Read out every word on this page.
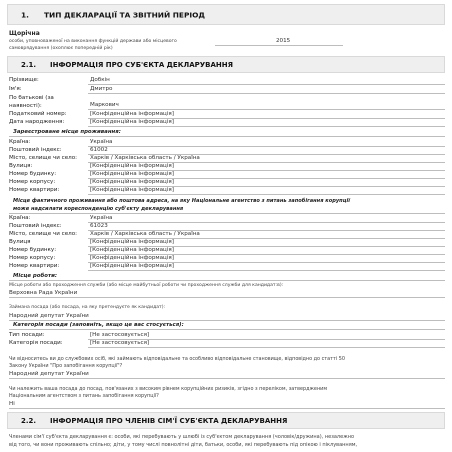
1. ТИП ДЕКЛАРАЦІЇ ТА ЗВІТНИЙ ПЕРІОД
Щорічна
особи, уповноваженої на виконання функцій держави або місцевого
самоврядування (охоплює попередній рік)
2015
2.1. ІНФОРМАЦІЯ ПРО СУБ'ЄКТА ДЕКЛАРУВАННЯ
Прізвище:	Добкін
Ім'я:	Дмитро
По батькові (за
наявності):	Маркович
Податковий номер:	[Конфіденційна інформація]
Дата народження:	[Конфіденційна інформація]
Зареєстроване місце проживання:
Країна:	Україна
Поштовий індекс:	61002
Місто, селище чи село: Харків / Харківська область / Україна
Вулиця:	[Конфіденційна інформація]
Номер будинку:	[Конфіденційна інформація]
Номер корпусу:	[Конфіденційна інформація]
Номер квартири:	[Конфіденційна інформація]
Місце фактичного проживання або поштова адреса, на яку Національне агентство з питань запобігання корупції
може надсилати кореспонденцію суб'єкту декларування
Країна:	Україна
Поштовий індекс:	61023
Місто, селище чи село: Харків / Харківська область / Україна
Вулиця	[Конфіденційна інформація]
Номер будинку:	[Конфіденційна інформація]
Номер корпусу:	[Конфіденційна інформація]
Номер квартири:	[Конфіденційна інформація]
Місце роботи:
Місце роботи або проходження служби (або місце майбутньої роботи чи проходження служби для кандидат:в):
Верховна Рада України
Займана посада (або посада, на яку претендуєте як кандидат):
Народний депутат України
Категорія посади (заповніть, якщо це вас стосується):
Тип посади:	[Не застосовується]
Категорія посади:	[Не застосовується]
Чи відноситесь ви до службових осіб, які займають відповідальне та особливо відповідальне становище, відповідно до статті 50
Закону України "Про запобігання корупції"?
Народний депутат України
Чи належить ваша посада до посад, пов'язаних з високим рівнем корупційних ризиків, згідно з переліком, затвердженим
Національним агентством з питань запобігання корупції?
Ні
2.2. ІНФОРМАЦІЯ ПРО ЧЛЕНІВ СІМ'Ї СУБ'ЄКТА ДЕКЛАРУВАННЯ
Членами сім'ї суб'єкта декларування є: особи, які перебувають у шлюбі із суб'єктом декларування (чоловік/дружина), незалежно
від того, чи вони проживають спільно; діти, у тому числі повнолітні діти, батьки, особи, які перебувають під опікою і піклуванням,
